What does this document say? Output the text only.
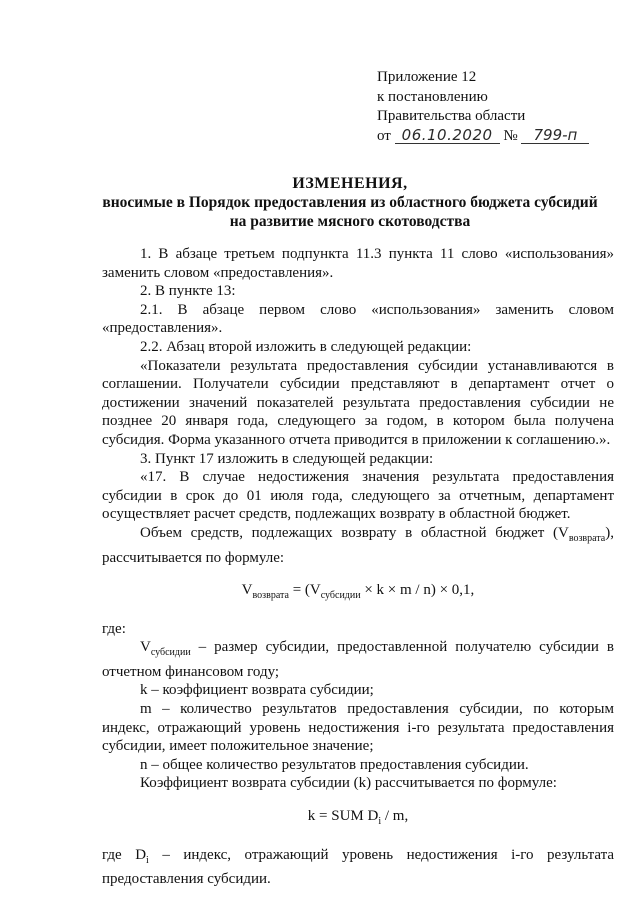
Приложение 12
к постановлению
Правительства области
от 06.10.2020 № 799-п
ИЗМЕНЕНИЯ,
вносимые в Порядок предоставления из областного бюджета субсидий
на развитие мясного скотоводства

1. В абзаце третьем подпункта 11.3 пункта 11 слово «использования» заменить словом «предоставления».

2. В пункте 13:

2.1. В абзаце первом слово «использования» заменить словом «предоставления».

2.2. Абзац второй изложить в следующей редакции:

«Показатели результата предоставления субсидии устанавливаются в соглашении. Получатели субсидии представляют в департамент отчет о достижении значений показателей результата предоставления субсидии не позднее 20 января года, следующего за годом, в котором была получена субсидия. Форма указанного отчета приводится в приложении к соглашению.».

3. Пункт 17 изложить в следующей редакции:

«17. В случае недостижения значения результата предоставления субсидии в срок до 01 июля года, следующего за отчетным, департамент осуществляет расчет средств, подлежащих возврату в областной бюджет.

Объем средств, подлежащих возврату в областной бюджет $(V_{возврата})$, рассчитывается по формуле:

$V_{возврата} = (V_{субсидии} \times k \times m / n) \times 0,1$,

где:

$V_{субсидии}$ – размер субсидии, предоставленной получателю субсидии в отчетном финансовом году;

k – коэффициент возврата субсидии;

m – количество результатов предоставления субсидии, по которым индекс, отражающий уровень недостижения i-го результата предоставления субсидии, имеет положительное значение;

n – общее количество результатов предоставления субсидии.

Коэффициент возврата субсидии (k) рассчитывается по формуле:

k = SUM $D_i$ / m,

где $D_i$ – индекс, отражающий уровень недостижения i-го результата предоставления субсидии.
